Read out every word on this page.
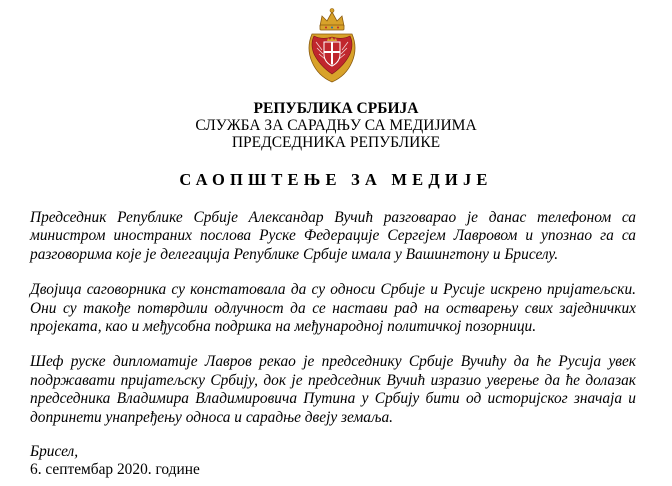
РЕПУБЛИКА СРБИЈА
СЛУЖБА ЗА САРАДЊУ СА МЕДИЈИМА
ПРЕДСЕДНИКА РЕПУБЛИКЕ
САОПШТЕЊЕ ЗА МЕДИЈЕ

Председник Републике Србије Александар Вучић разговарао је данас телефоном са министром иностраних послова Руске Федерације Сергејем Лавровом и упознао га са разговорима које је делегација Републике Србије имала у Вашингтону и Бриселу.

Двојица саговорника су констатовала да су односи Србије и Русије искрено пријатељски. Они су такође потврдили одлучност да се настави рад на остварењу свих заједничких пројеката, као и међусобна подршка на међународној политичкој позорници.

Шеф руске дипломатије Лавров рекао је председнику Србије Вучићу да ће Русија увек подржавати пријатељску Србију, док је председник Вучић изразио уверење да ће долазак председника Владимира Владимировича Путина у Србију бити од историјског значаја и допринети унапређењу односа и сарадње двеју земаља.

Брисел,
6. септембар 2020. године
